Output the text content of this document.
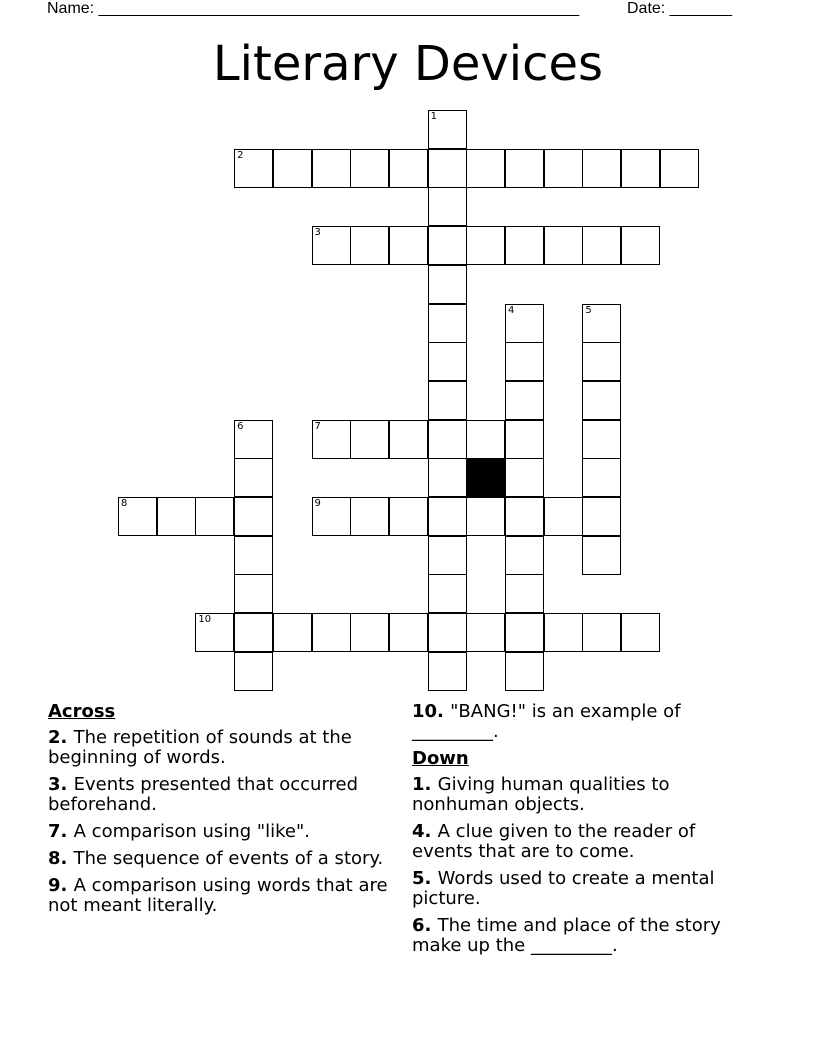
Name: ______________________________________________________	Date: _______
Literary Devices
1
2
3
4	5
6	7
8	9
10
Across
2. The repetition of sounds at the beginning of words.
3. Events presented that occurred beforehand.
7. A comparison using "like".
8. The sequence of events of a story.
9. A comparison using words that are not meant literally.
10. "BANG!" is an example of _________.
Down
1. Giving human qualities to nonhuman objects.
4. A clue given to the reader of events that are to come.
5. Words used to create a mental picture.
6. The time and place of the story make up the _________.
